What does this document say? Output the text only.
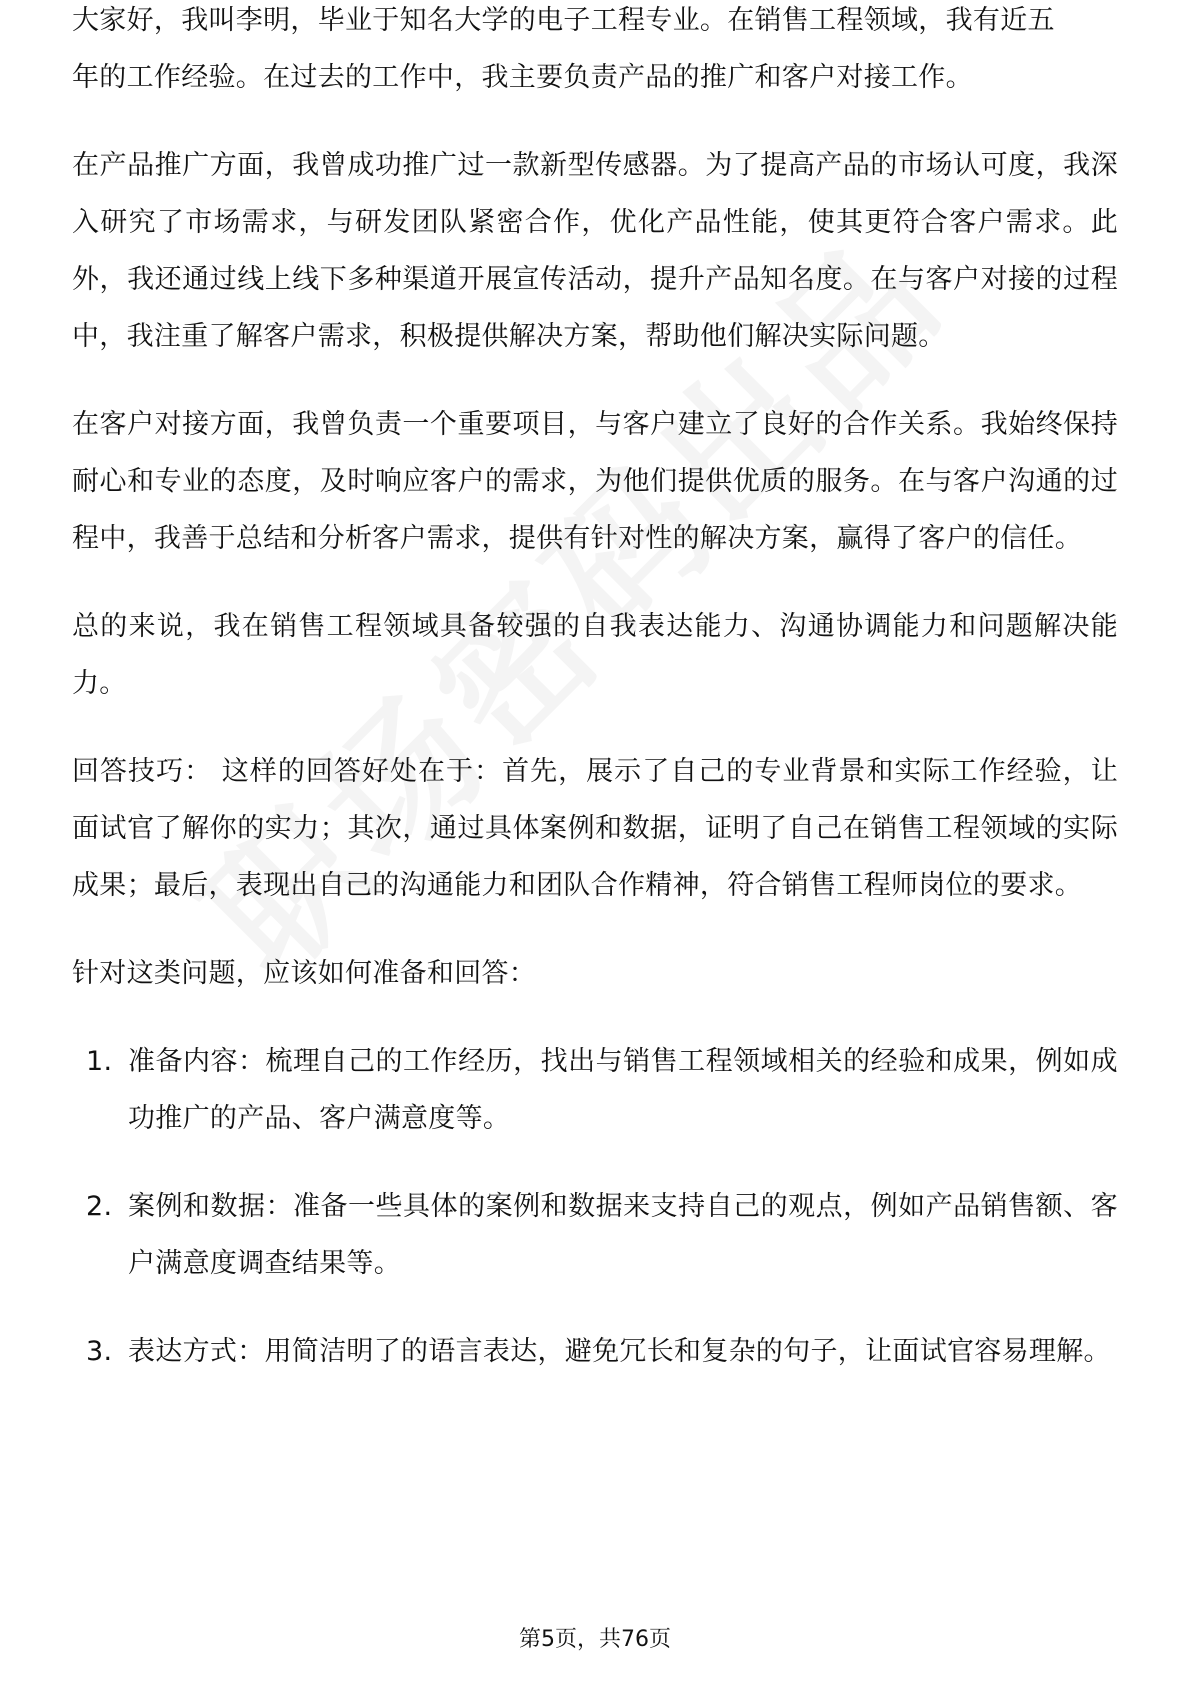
大家好，我叫李明，毕业于知名大学的电子工程专业。在销售工程领域，我有近五

年的工作经验。在过去的工作中，我主要负责产品的推广和客户对接工作。

在产品推广方面，我曾成功推广过一款新型传感器。为了提高产品的市场认可度，我深入研究了市场需求，与研发团队紧密合作，优化产品性能，使其更符合客户需求。此外，我还通过线上线下多种渠道开展宣传活动，提升产品知名度。在与客户对接的过程中，我注重了解客户需求，积极提供解决方案，帮助他们解决实际问题。

在客户对接方面，我曾负责一个重要项目，与客户建立了良好的合作关系。我始终保持耐心和专业的态度，及时响应客户的需求，为他们提供优质的服务。在与客户沟通的过程中，我善于总结和分析客户需求，提供有针对性的解决方案，赢得了客户的信任。

总的来说，我在销售工程领域具备较强的自我表达能力、沟通协调能力和问题解决能力。

回答技巧： 这样的回答好处在于：首先，展示了自己的专业背景和实际工作经验，让面试官了解你的实力；其次，通过具体案例和数据，证明了自己在销售工程领域的实际成果；最后，表现出自己的沟通能力和团队合作精神，符合销售工程师岗位的要求。

针对这类问题，应该如何准备和回答：

1. 准备内容：梳理自己的工作经历，找出与销售工程领域相关的经验和成果，例如成功推广的产品、客户满意度等。
2. 案例和数据：准备一些具体的案例和数据来支持自己的观点，例如产品销售额、客户满意度调查结果等。
3. 表达方式：用简洁明了的语言表达，避免冗长和复杂的句子，让面试官容易理解。
第5页，共76页
